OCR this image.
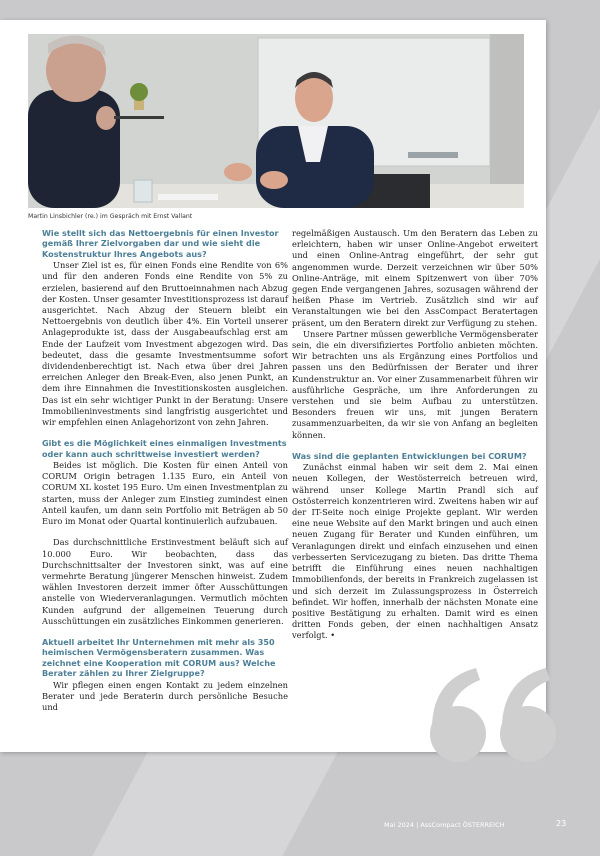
Martin Linsbichler (re.) im Gespräch mit Ernst Vallant
Wie stellt sich das Nettoergebnis für einen Investor gemäß Ihrer Zielvorgaben dar und wie sieht die Kostenstruktur Ihres Angebots aus?
Unser Ziel ist es, für einen Fonds eine Rendite von 6% und für den anderen Fonds eine Rendite von 5% zu erzielen, basierend auf den Bruttoeinnahmen nach Abzug der Kosten. Unser gesamter Investitionsprozess ist darauf ausgerichtet. Nach Abzug der Steuern bleibt ein Nettoergebnis von deutlich über 4%. Ein Vorteil unserer Anlageprodukte ist, dass der Ausgabeaufschlag erst am Ende der Laufzeit vom Investment abgezogen wird. Das bedeutet, dass die gesamte Investmentsumme sofort dividendenberechtigt ist. Nach etwa über drei Jahren erreichen Anleger den Break-Even, also jenen Punkt, an dem ihre Einnahmen die Investitionskosten ausgleichen. Das ist ein sehr wichtiger Punkt in der Beratung: Unsere Immobilieninvestments sind langfristig ausgerichtet und wir empfehlen einen Anlagehorizont von zehn Jahren.
Gibt es die Möglichkeit eines einmaligen Investments oder kann auch schrittweise investiert werden?
Beides ist möglich. Die Kosten für einen Anteil von CORUM Origin betragen 1.135 Euro, ein Anteil von CORUM XL kostet 195 Euro. Um einen Investmentplan zu starten, muss der Anleger zum Einstieg zumindest einen Anteil kaufen, um dann sein Portfolio mit Beträgen ab 50 Euro im Monat oder Quartal kontinuierlich aufzubauen.
Das durchschnittliche Erstinvestment beläuft sich auf 10.000 Euro. Wir beobachten, dass das Durchschnittsalter der Investoren sinkt, was auf eine vermehrte Beratung jüngerer Menschen hinweist. Zudem wählen Investoren derzeit immer öfter Ausschüttungen anstelle von Wiederveranlagungen. Vermutlich möchten Kunden aufgrund der allgemeinen Teuerung durch Ausschüttungen ein zusätzliches Einkommen generieren.
Aktuell arbeitet Ihr Unternehmen mit mehr als 350 heimischen Vermögensberatern zusammen. Was zeichnet eine Kooperation mit CORUM aus? Welche Berater zählen zu Ihrer Zielgruppe?
Wir pflegen einen engen Kontakt zu jedem einzelnen Berater und jede Beraterin durch persönliche Besuche und
regelmäßigen Austausch. Um den Beratern das Leben zu erleichtern, haben wir unser Online-Angebot erweitert und einen Online-Antrag eingeführt, der sehr gut angenommen wurde. Derzeit verzeichnen wir über 50% Online-Anträge, mit einem Spitzenwert von über 70% gegen Ende vergangenen Jahres, sozusagen während der heißen Phase im Vertrieb. Zusätzlich sind wir auf Veranstaltungen wie bei den AssCompact Beratertagen präsent, um den Beratern direkt zur Verfügung zu stehen.
Unsere Partner müssen gewerbliche Vermögensberater sein, die ein diversifiziertes Portfolio anbieten möchten. Wir betrachten uns als Ergänzung eines Portfolios und passen uns den Bedürfnissen der Berater und ihrer Kundenstruktur an. Vor einer Zusammenarbeit führen wir ausführliche Gespräche, um ihre Anforderungen zu verstehen und sie beim Aufbau zu unterstützen. Besonders freuen wir uns, mit jungen Beratern zusammenzuarbeiten, da wir sie von Anfang an begleiten können.
Was sind die geplanten Entwicklungen bei CORUM?
Zunächst einmal haben wir seit dem 2. Mai einen neuen Kollegen, der Westösterreich betreuen wird, während unser Kollege Martin Prandl sich auf Ostösterreich konzentrieren wird. Zweitens haben wir auf der IT-Seite noch einige Projekte geplant. Wir werden eine neue Website auf den Markt bringen und auch einen neuen Zugang für Berater und Kunden einführen, um Veranlagungen direkt und einfach einzusehen und einen verbesserten Servicezugang zu bieten. Das dritte Thema betrifft die Einführung eines neuen nachhaltigen Immobilienfonds, der bereits in Frankreich zugelassen ist und sich derzeit im Zulassungsprozess in Österreich befindet. Wir hoffen, innerhalb der nächsten Monate eine positive Bestätigung zu erhalten. Damit wird es einen dritten Fonds geben, der einen nachhaltigen Ansatz verfolgt. •
Mai 2024 | AssCompact ÖSTERREICH	23
